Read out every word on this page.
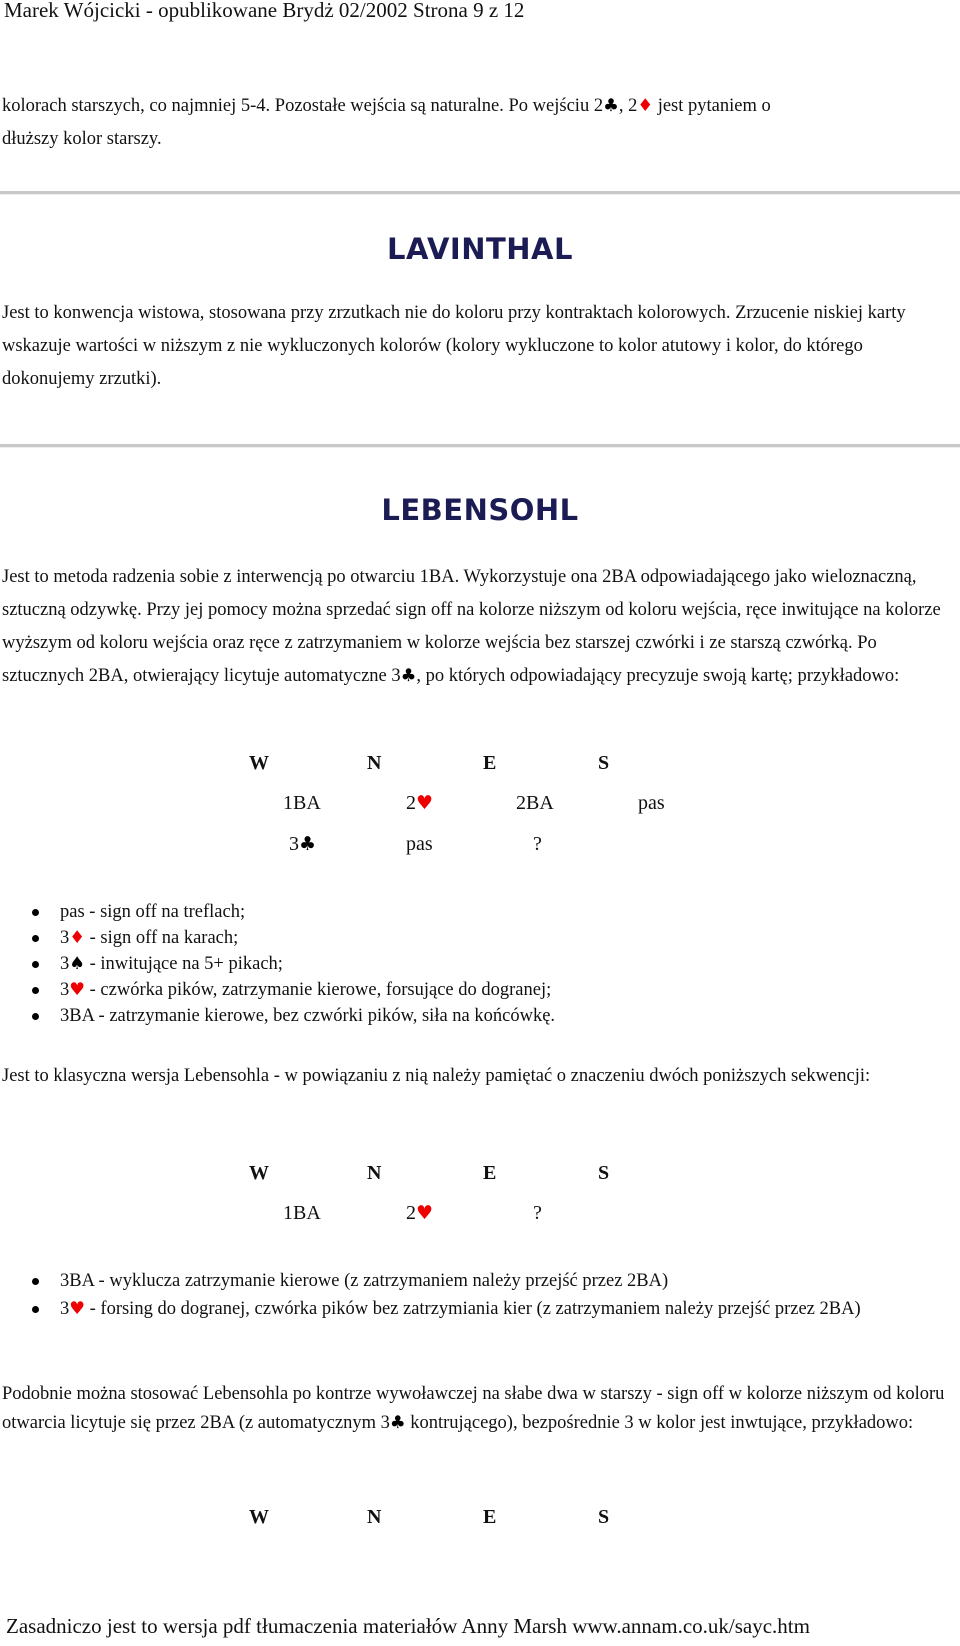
Marek Wójcicki - opublikowane Brydż 02/2002 Strona 9 z 12
kolorach starszych, co najmniej 5-4. Pozostałe wejścia są naturalne. Po wejściu 2♣, 2♦ jest pytaniem o
dłuższy kolor starszy.
LAVINTHAL
Jest to konwencja wistowa, stosowana przy zrzutkach nie do koloru przy kontraktach kolorowych. Zrzucenie niskiej karty wskazuje wartości w niższym z nie wykluczonych kolorów (kolory wykluczone to kolor atutowy i kolor, do którego dokonujemy zrzutki).
LEBENSOHL
Jest to metoda radzenia sobie z interwencją po otwarciu 1BA. Wykorzystuje ona 2BA odpowiadającego jako wieloznaczną, sztuczną odzywkę. Przy jej pomocy można sprzedać sign off na kolorze niższym od koloru wejścia, ręce inwitujące na kolorze wyższym od koloru wejścia oraz ręce z zatrzymaniem w kolorze wejścia bez starszej czwórki i ze starszą czwórką. Po sztucznych 2BA, otwierający licytuje automatyczne 3♣, po których odpowiadający precyzuje swoją kartę; przykładowo:
W	N	E	S
1BA	2♥	2BA	pas
3♣	pas	?
pas - sign off na treflach;
3♦ - sign off na karach;
3♠ - inwitujące na 5+ pikach;
3♥ - czwórka pików, zatrzymanie kierowe, forsujące do dogranej;
3BA - zatrzymanie kierowe, bez czwórki pików, siła na końcówkę.
Jest to klasyczna wersja Lebensohla - w powiązaniu z nią należy pamiętać o znaczeniu dwóch poniższych sekwencji:
W	N	E	S
1BA	2♥	?
3BA - wyklucza zatrzymanie kierowe (z zatrzymaniem należy przejść przez 2BA)
3♥ - forsing do dogranej, czwórka pików bez zatrzymiania kier (z zatrzymaniem należy przejść przez 2BA)
Podobnie można stosować Lebensohla po kontrze wywoławczej na słabe dwa w starszy - sign off w kolorze niższym od koloru otwarcia licytuje się przez 2BA (z automatycznym 3♣ kontrującego), bezpośrednie 3 w kolor jest inwtujące, przykładowo:
W	N	E	S
Zasadniczo jest to wersja pdf tłumaczenia materiałów Anny Marsh www.annam.co.uk/sayc.htm
